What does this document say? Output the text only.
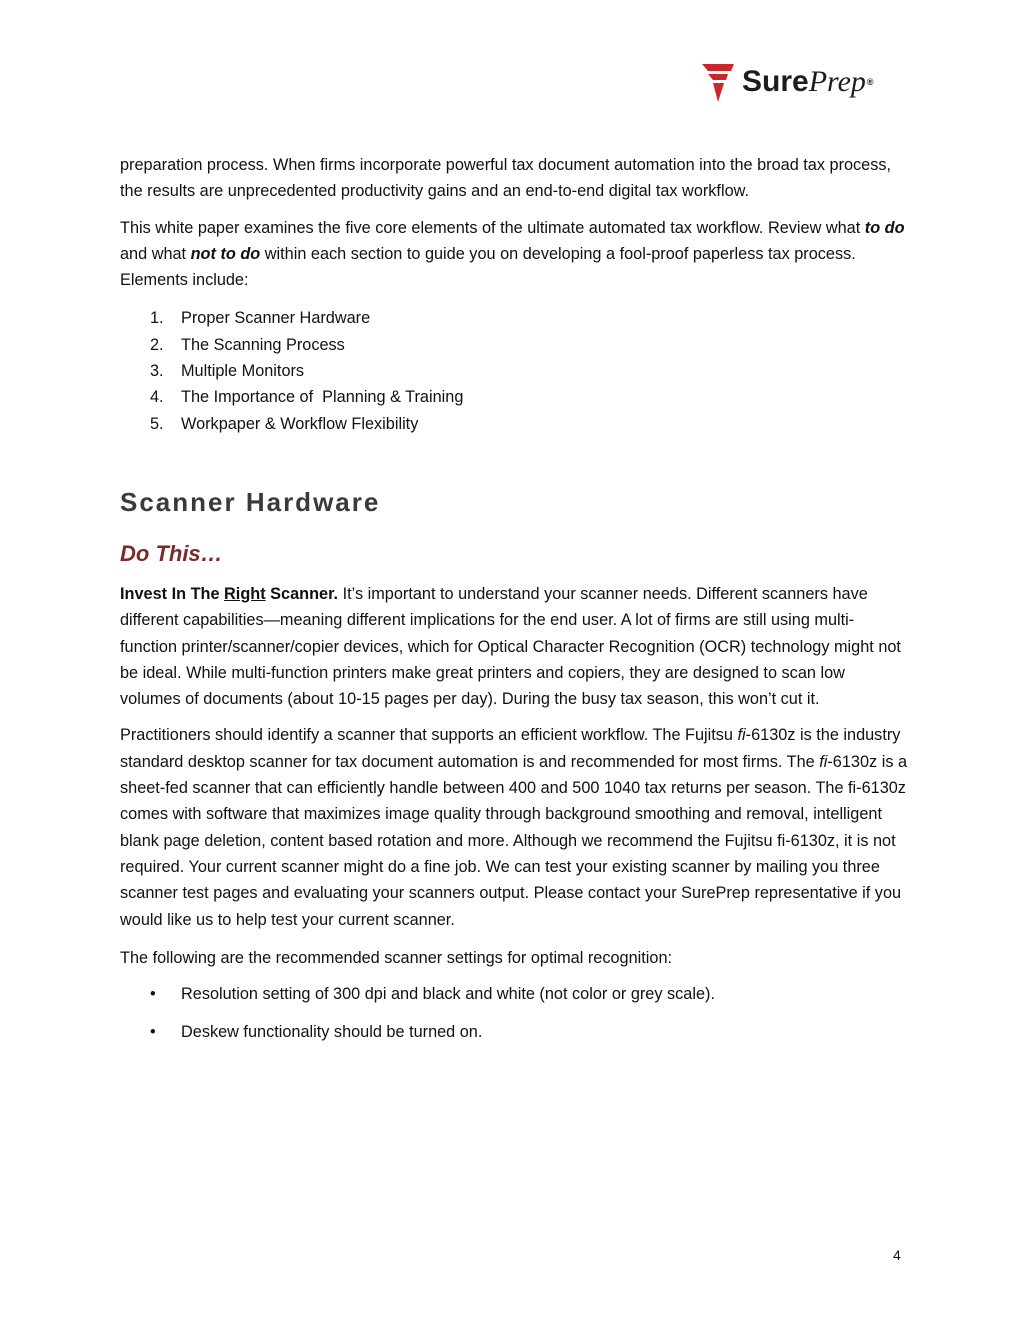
SurePrep®

preparation process. When firms incorporate powerful tax document automation into the broad tax process, the results are unprecedented productivity gains and an end-to-end digital tax workflow.

This white paper examines the five core elements of the ultimate automated tax workflow. Review what to do and what not to do within each section to guide you on developing a fool-proof paperless tax process. Elements include:

1.	Proper Scanner Hardware
2.	The Scanning Process
3.	Multiple Monitors
4.	The Importance of  Planning & Training
5.	Workpaper & Workflow Flexibility
Scanner Hardware
Do This…

Invest In The Right Scanner. It’s important to understand your scanner needs. Different scanners have different capabilities—meaning different implications for the end user. A lot of firms are still using multi-function printer/scanner/copier devices, which for Optical Character Recognition (OCR) technology might not be ideal. While multi-function printers make great printers and copiers, they are designed to scan low volumes of documents (about 10-15 pages per day). During the busy tax season, this won’t cut it.

Practitioners should identify a scanner that supports an efficient workflow. The Fujitsu fi-6130z is the industry standard desktop scanner for tax document automation is and recommended for most firms. The fi-6130z is a sheet-fed scanner that can efficiently handle between 400 and 500 1040 tax returns per season. The fi-6130z comes with software that maximizes image quality through background smoothing and removal, intelligent blank page deletion, content based rotation and more. Although we recommend the Fujitsu fi-6130z, it is not required. Your current scanner might do a fine job. We can test your existing scanner by mailing you three scanner test pages and evaluating your scanners output. Please contact your SurePrep representative if you would like us to help test your current scanner.

The following are the recommended scanner settings for optimal recognition:

•	Resolution setting of 300 dpi and black and white (not color or grey scale).
•	Deskew functionality should be turned on.
4
